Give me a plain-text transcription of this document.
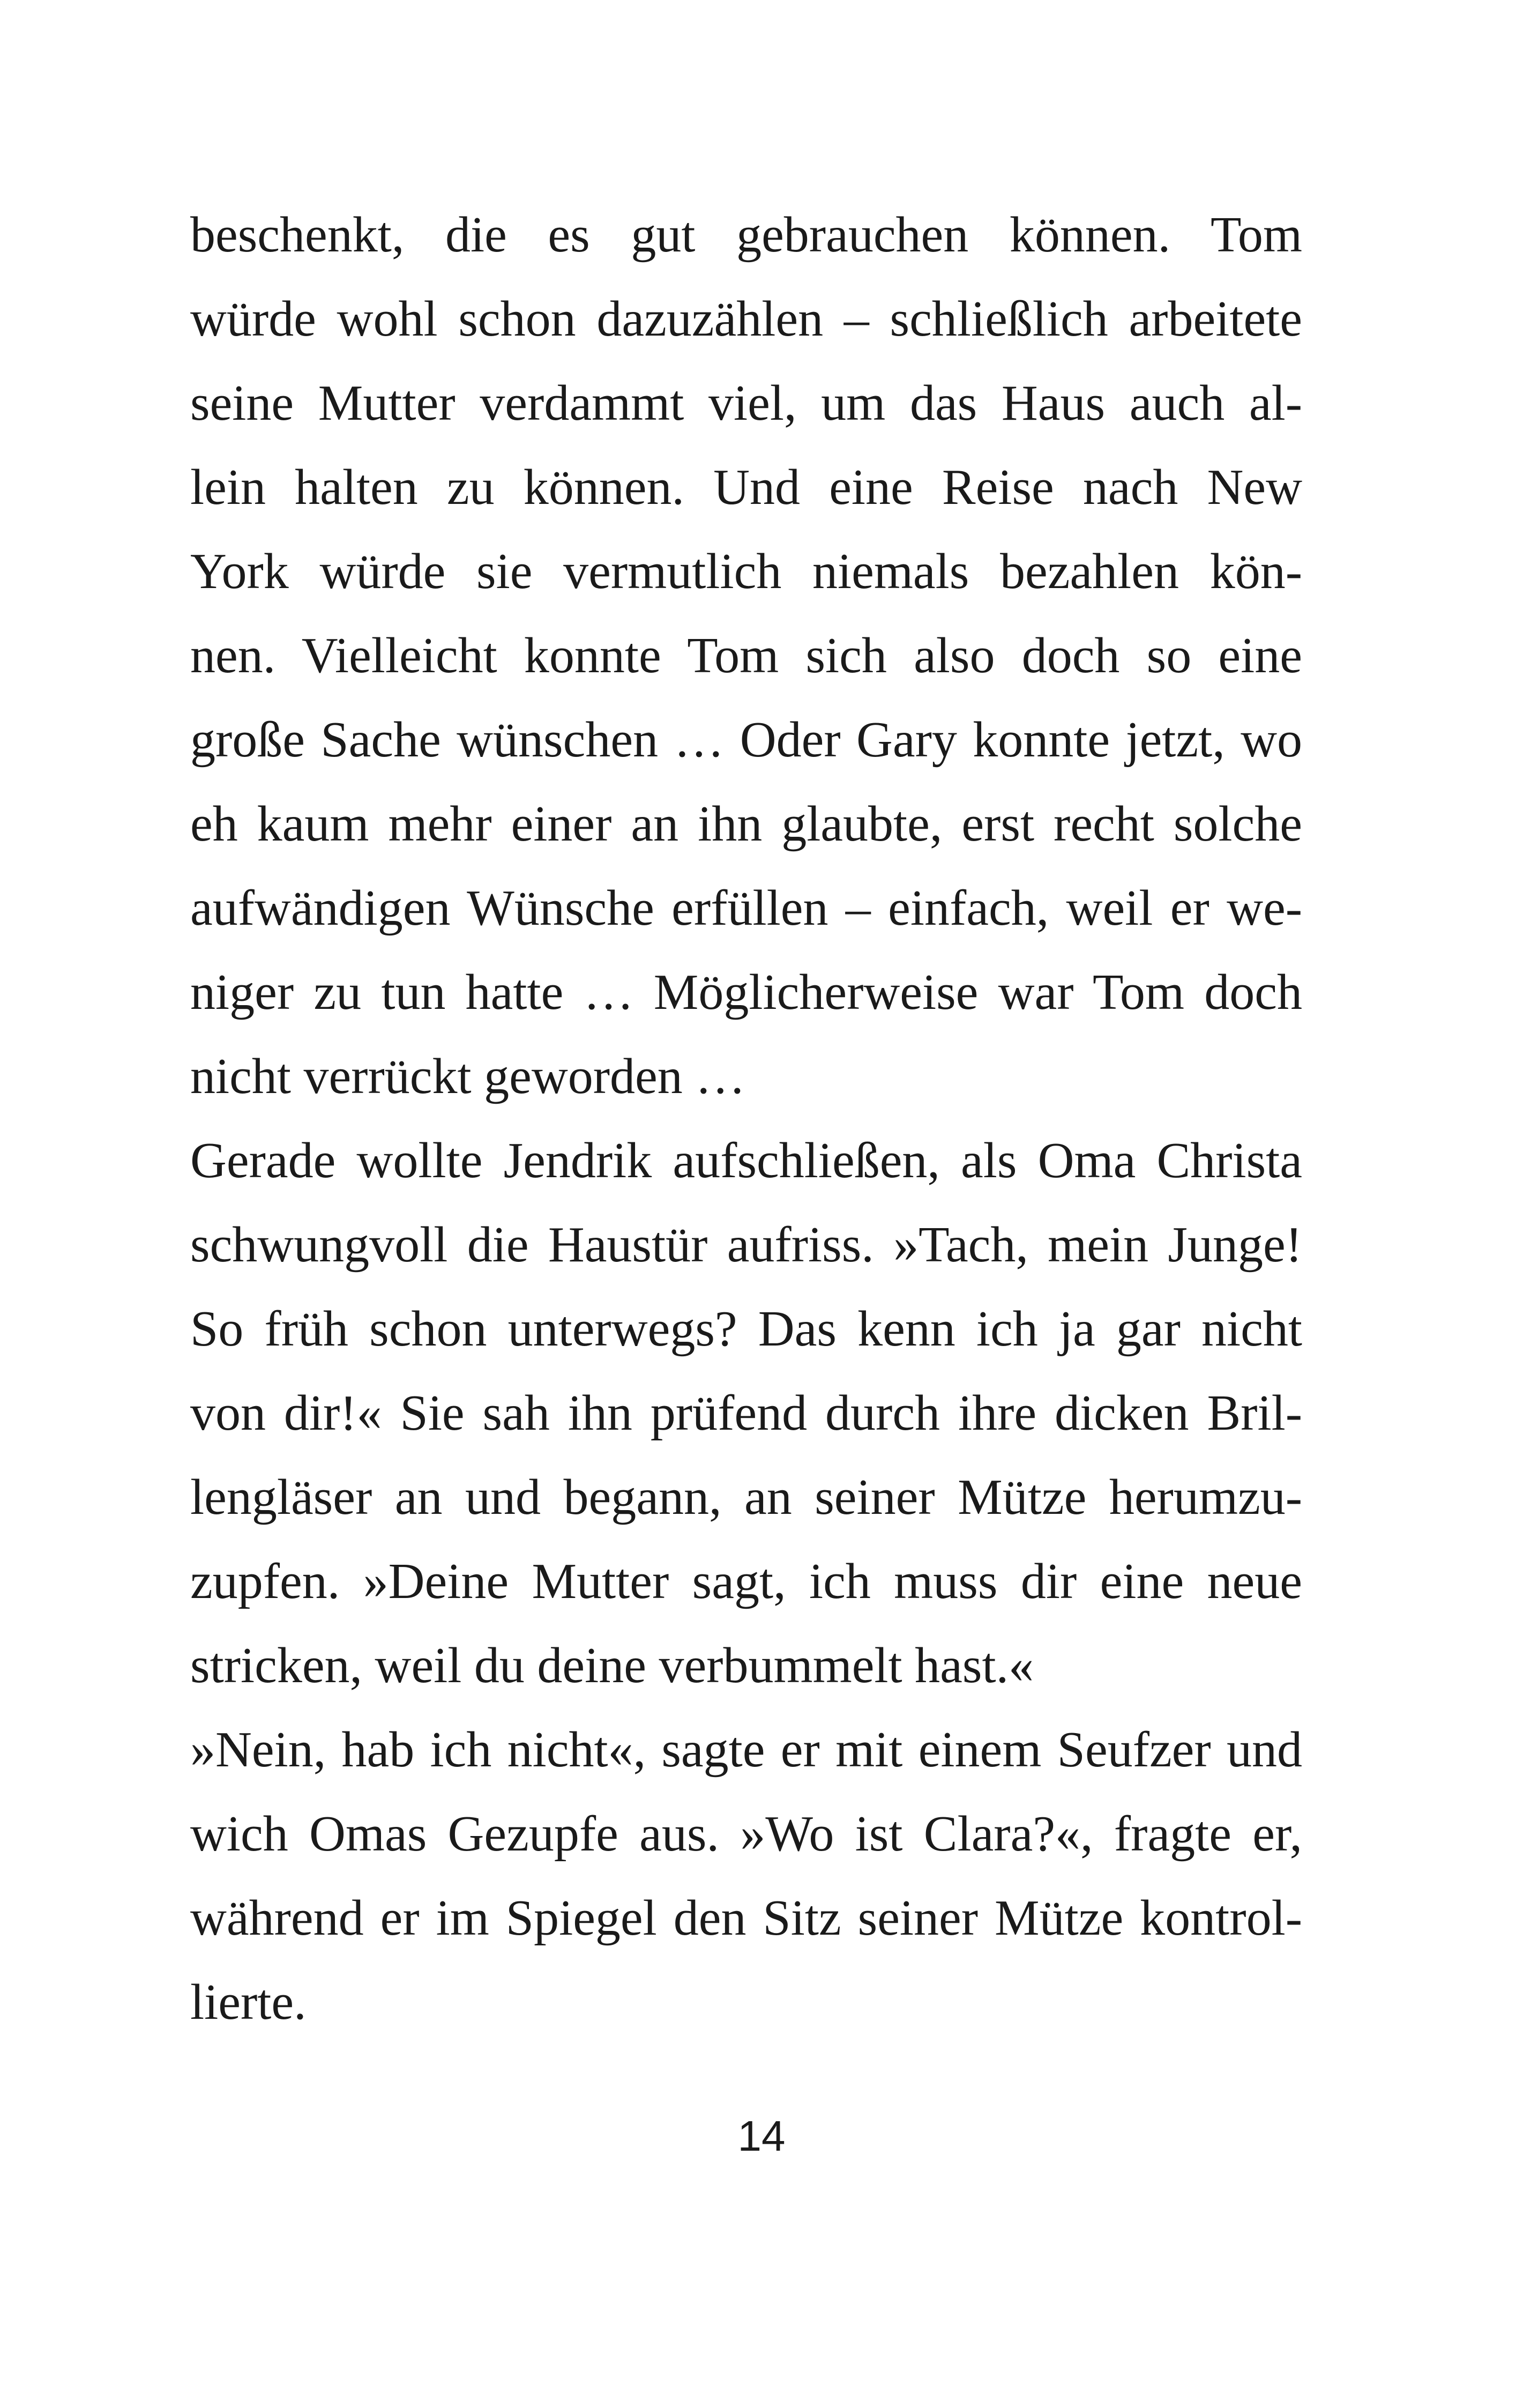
beschenkt, die es gut gebrauchen können. Tom
würde wohl schon dazuzählen – schließlich arbeitete
seine Mutter verdammt viel, um das Haus auch al-
lein halten zu können. Und eine Reise nach New
York würde sie vermutlich niemals bezahlen kön-
nen. Vielleicht konnte Tom sich also doch so eine
große Sache wünschen … Oder Gary konnte jetzt, wo
eh kaum mehr einer an ihn glaubte, erst recht solche
aufwändigen Wünsche erfüllen – einfach, weil er we-
niger zu tun hatte … Möglicherweise war Tom doch
nicht verrückt geworden …
Gerade wollte Jendrik aufschließen, als Oma Christa
schwungvoll die Haustür aufriss. »Tach, mein Junge!
So früh schon unterwegs? Das kenn ich ja gar nicht
von dir!« Sie sah ihn prüfend durch ihre dicken Bril-
lengläser an und begann, an seiner Mütze herumzu-
zupfen. »Deine Mutter sagt, ich muss dir eine neue
stricken, weil du deine verbummelt hast.«
»Nein, hab ich nicht«, sagte er mit einem Seufzer und
wich Omas Gezupfe aus. »Wo ist Clara?«, fragte er,
während er im Spiegel den Sitz seiner Mütze kontrol-
lierte.
14
